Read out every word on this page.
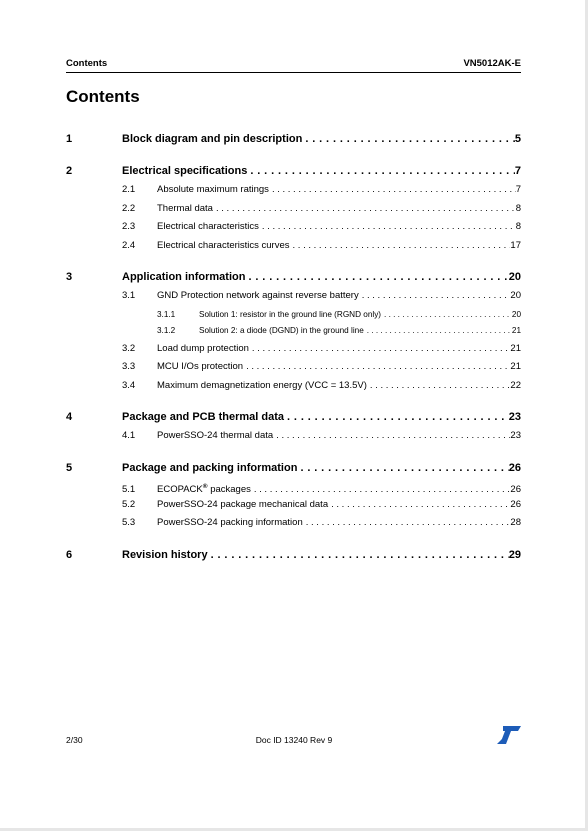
Contents	VN5012AK-E
Contents
1	Block diagram and pin description . . .	5
2	Electrical specifications . . .	7
2.1	Absolute maximum ratings . . .	7
2.2	Thermal data . . .	8
2.3	Electrical characteristics . . .	8
2.4	Electrical characteristics curves . . .	17
3	Application information . . .	20
3.1	GND Protection network against reverse battery . . .	20
3.1.1	Solution 1: resistor in the ground line (RGND only) . . .	20
3.1.2	Solution 2: a diode (DGND) in the ground line . . .	21
3.2	Load dump protection . . .	21
3.3	MCU I/Os protection . . .	21
3.4	Maximum demagnetization energy (VCC = 13.5V) . . .	22
4	Package and PCB thermal data . . .	23
4.1	PowerSSO-24 thermal data . . .	23
5	Package and packing information . . .	26
5.1	ECOPACK® packages . . .	26
5.2	PowerSSO-24 package mechanical data . . .	26
5.3	PowerSSO-24 packing information . . .	28
6	Revision history . . .	29
2/30	Doc ID 13240 Rev 9
